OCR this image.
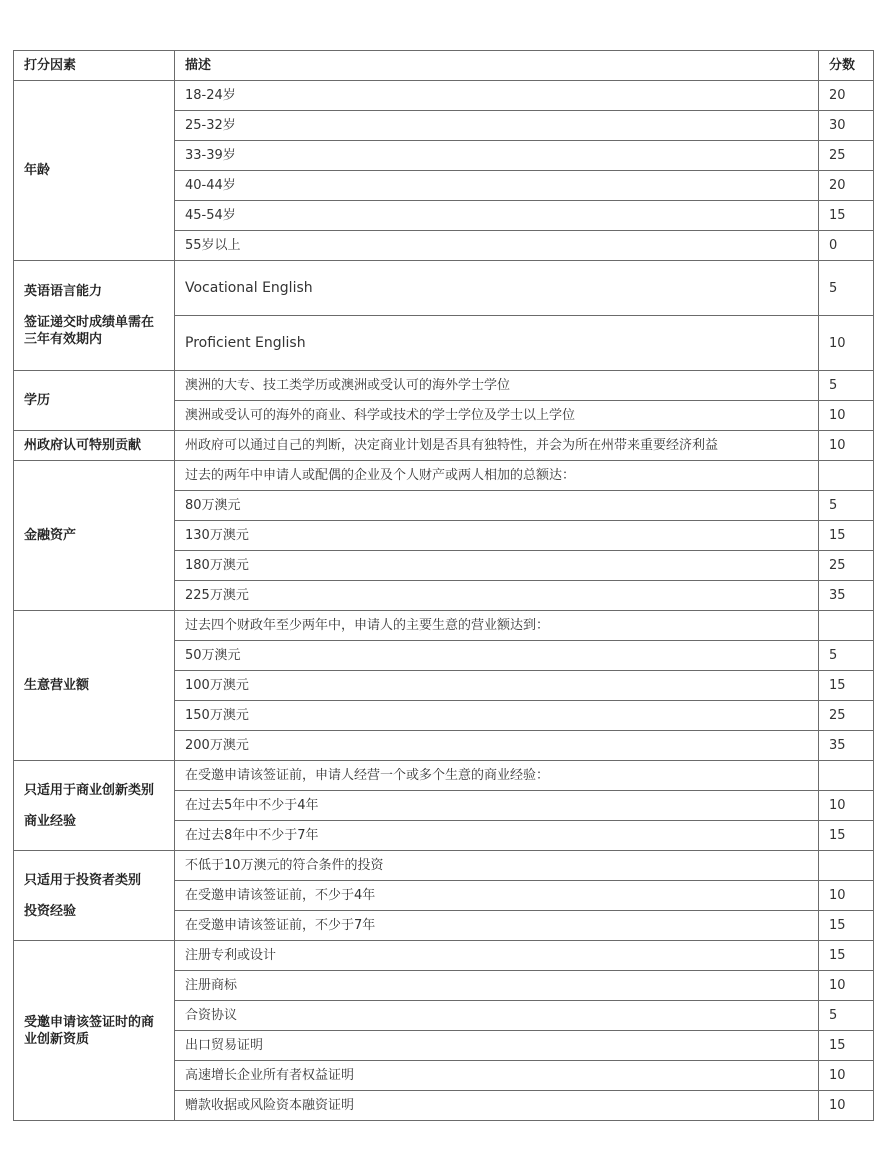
打分因素	描述	分数

年龄	18-24岁	20
	25-32岁	30
	33-39岁	25
	40-44岁	20
	45-54岁	15
	55岁以上	0

英语语言能力
签证递交时成绩单需在三年有效期内	Vocational English	5
	Proficient English	10

学历	澳洲的大专、技工类学历或澳洲或受认可的海外学士学位	5
	澳洲或受认可的海外的商业、科学或技术的学士学位及学士以上学位	10

州政府认可特别贡献	州政府可以通过自己的判断，决定商业计划是否具有独特性，并会为所在州带来重要经济利益	10

金融资产	过去的两年中申请人或配偶的企业及个人财产或两人相加的总额达：	
	80万澳元	5
	130万澳元	15
	180万澳元	25
	225万澳元	35

生意营业额	过去四个财政年至少两年中，申请人的主要生意的营业额达到：	
	50万澳元	5
	100万澳元	15
	150万澳元	25
	200万澳元	35

只适用于商业创新类别
商业经验	在受邀申请该签证前，申请人经营一个或多个生意的商业经验：	
	在过去5年中不少于4年	10
	在过去8年中不少于7年	15

只适用于投资者类别
投资经验	不低于10万澳元的符合条件的投资	
	在受邀申请该签证前，不少于4年	10
	在受邀申请该签证前，不少于7年	15

受邀申请该签证时的商业创新资质	注册专利或设计	15
	注册商标	10
	合资协议	5
	出口贸易证明	15
	高速增长企业所有者权益证明	10
	赠款收据或风险资本融资证明	10
